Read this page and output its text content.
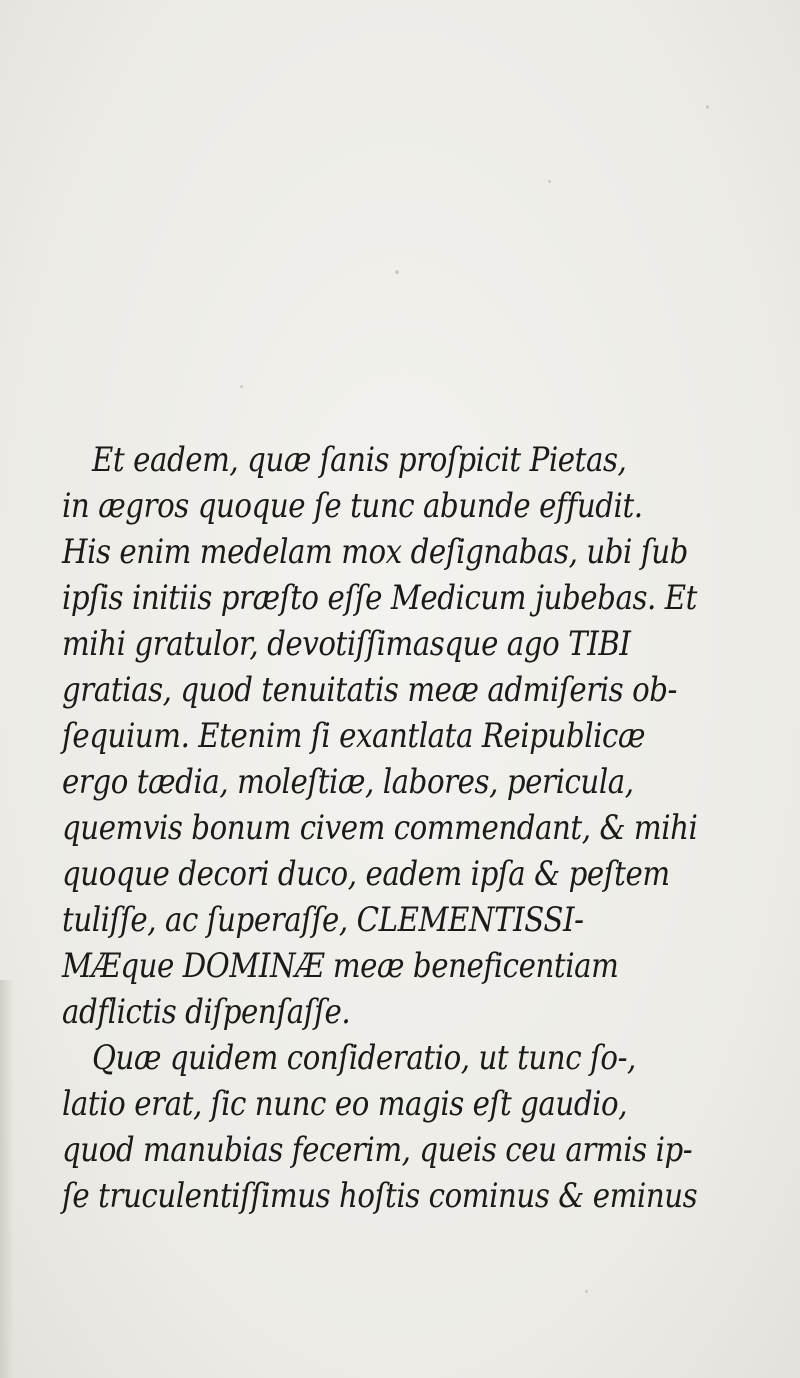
Et eadem, quæ ſanis proſpicit Pietas,
in ægros quoque ſe tunc abunde effudit.
His enim medelam mox deſignabas, ubi ſub
ipſis initiis præſto eſſe Medicum jubebas. Et
mihi gratulor, devotiſſimasque ago TIBI
gratias, quod tenuitatis meæ admiſeris ob-
ſequium. Etenim ſi exantlata Reipublicæ
ergo tædia, moleſtiæ, labores, pericula,
quemvis bonum civem commendant, & mihi
quoque decori duco, eadem ipſa & peſtem
tuliſſe, ac ſuperaſſe, CLEMENTISSI-
MÆque DOMINÆ meæ beneficentiam
adflictis diſpenſaſſe.
Quæ quidem conſideratio, ut tunc ſo-,
latio erat, ſic nunc eo magis eſt gaudio,
quod manubias fecerim, queis ceu armis ip-
ſe truculentiſſimus hoſtis cominus & eminus
